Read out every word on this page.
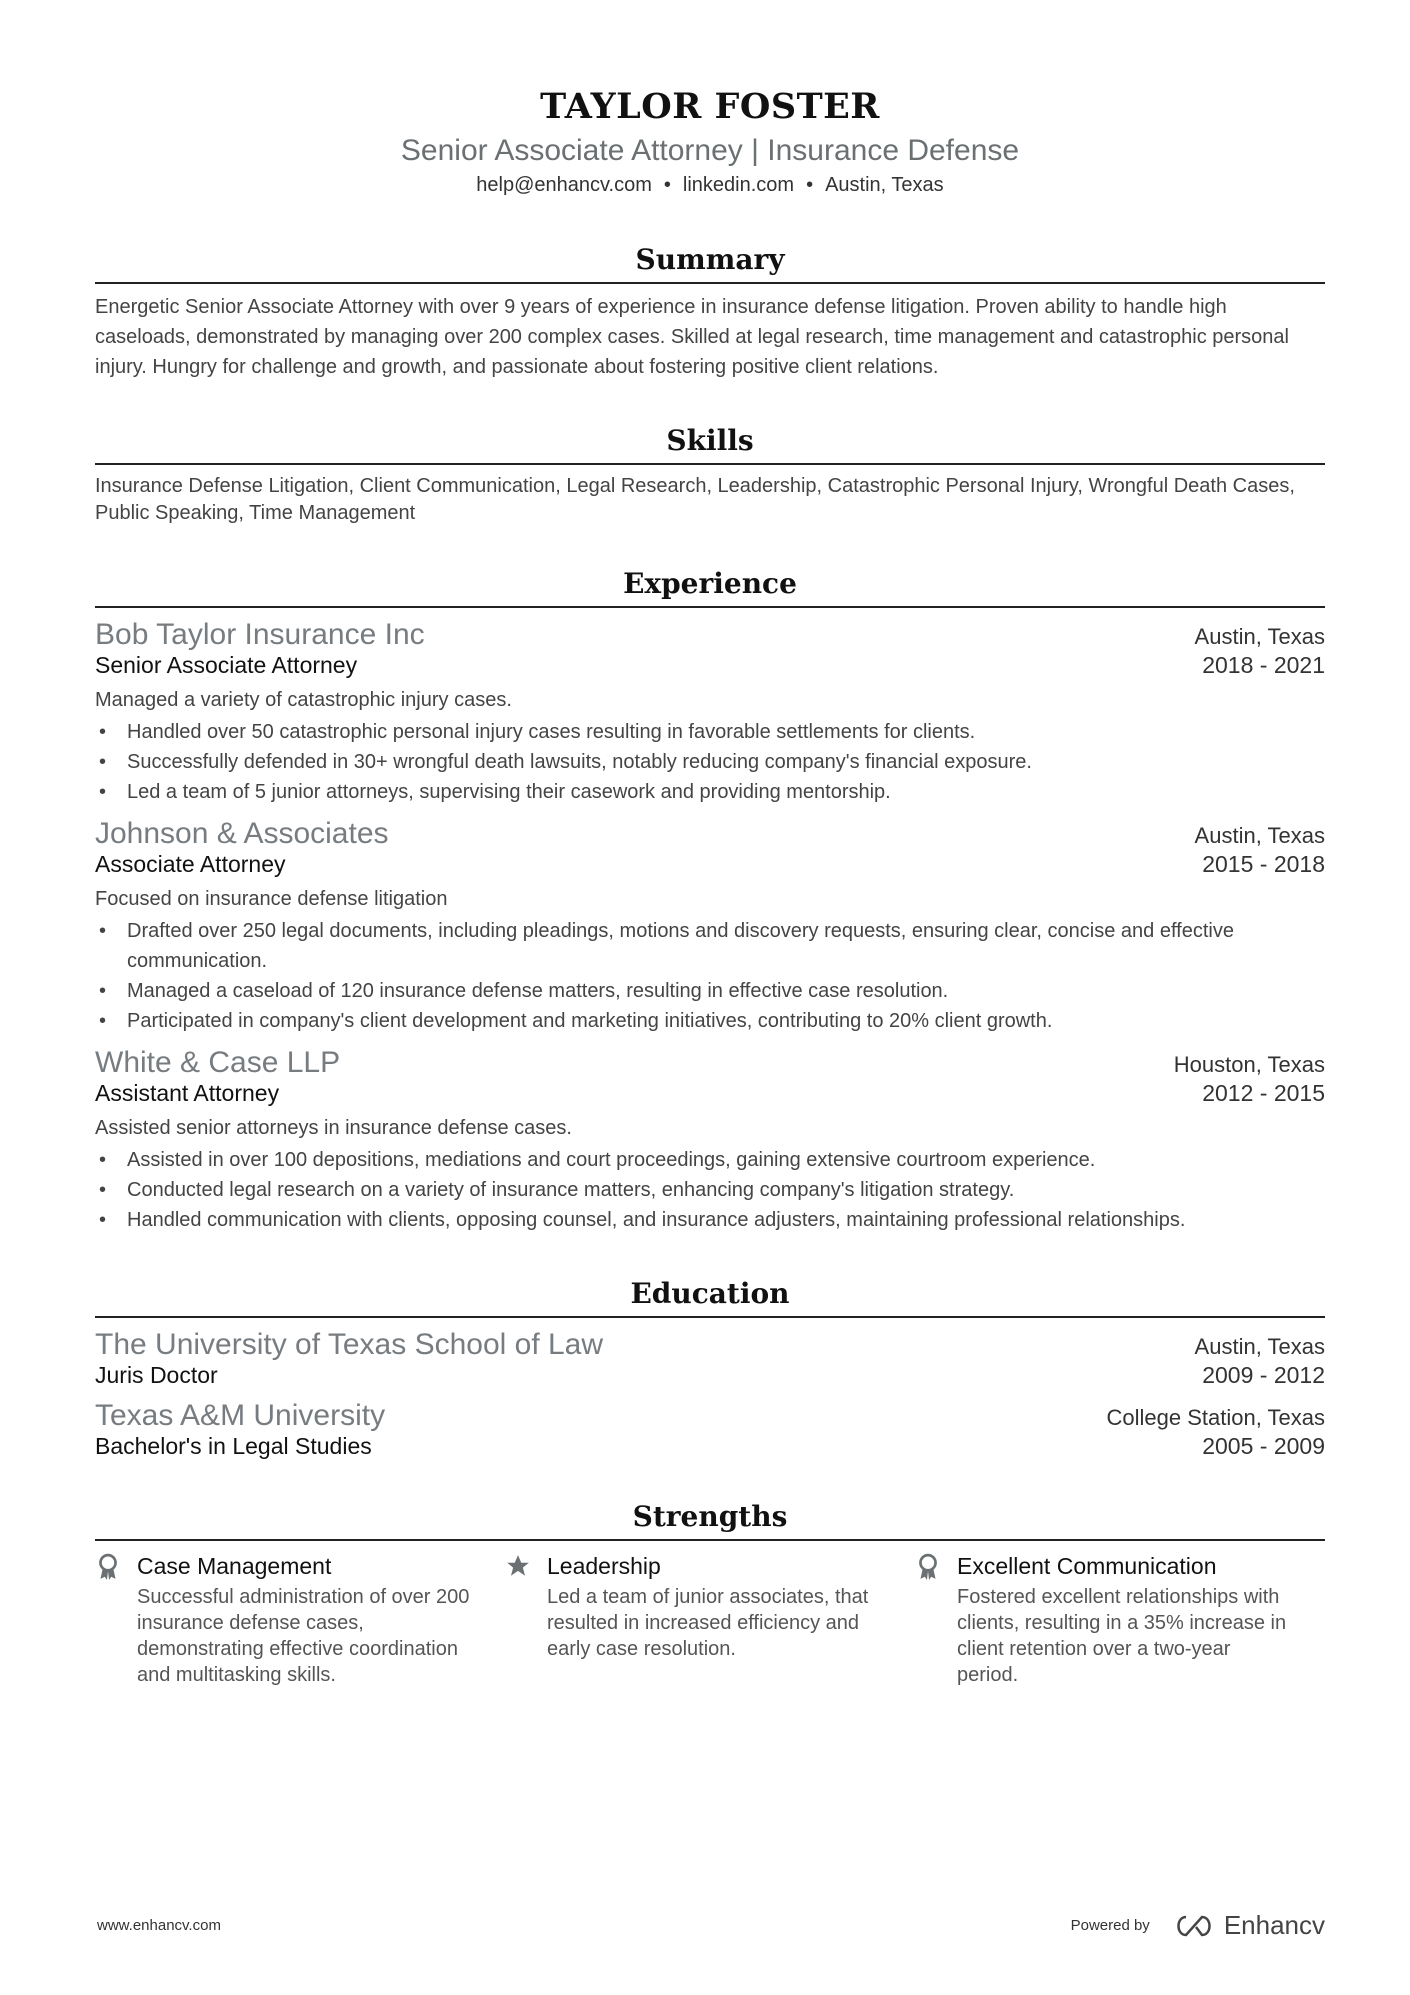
TAYLOR FOSTER
Senior Associate Attorney | Insurance Defense
help@enhancv.com • linkedin.com • Austin, Texas
Summary
Energetic Senior Associate Attorney with over 9 years of experience in insurance defense litigation. Proven ability to handle high caseloads, demonstrated by managing over 200 complex cases. Skilled at legal research, time management and catastrophic personal injury. Hungry for challenge and growth, and passionate about fostering positive client relations.
Skills
Insurance Defense Litigation, Client Communication, Legal Research, Leadership, Catastrophic Personal Injury, Wrongful Death Cases, Public Speaking, Time Management
Experience
Bob Taylor Insurance Inc	Austin, Texas
Senior Associate Attorney	2018 - 2021
Managed a variety of catastrophic injury cases.
• Handled over 50 catastrophic personal injury cases resulting in favorable settlements for clients.
• Successfully defended in 30+ wrongful death lawsuits, notably reducing company's financial exposure.
• Led a team of 5 junior attorneys, supervising their casework and providing mentorship.
Johnson & Associates	Austin, Texas
Associate Attorney	2015 - 2018
Focused on insurance defense litigation
• Drafted over 250 legal documents, including pleadings, motions and discovery requests, ensuring clear, concise and effective communication.
• Managed a caseload of 120 insurance defense matters, resulting in effective case resolution.
• Participated in company's client development and marketing initiatives, contributing to 20% client growth.
White & Case LLP	Houston, Texas
Assistant Attorney	2012 - 2015
Assisted senior attorneys in insurance defense cases.
• Assisted in over 100 depositions, mediations and court proceedings, gaining extensive courtroom experience.
• Conducted legal research on a variety of insurance matters, enhancing company's litigation strategy.
• Handled communication with clients, opposing counsel, and insurance adjusters, maintaining professional relationships.
Education
The University of Texas School of Law	Austin, Texas
Juris Doctor	2009 - 2012
Texas A&M University	College Station, Texas
Bachelor's in Legal Studies	2005 - 2009
Strengths
Case Management
Successful administration of over 200 insurance defense cases, demonstrating effective coordination and multitasking skills.
Leadership
Led a team of junior associates, that resulted in increased efficiency and early case resolution.
Excellent Communication
Fostered excellent relationships with clients, resulting in a 35% increase in client retention over a two-year period.
www.enhancv.com	Powered by	Enhancv
